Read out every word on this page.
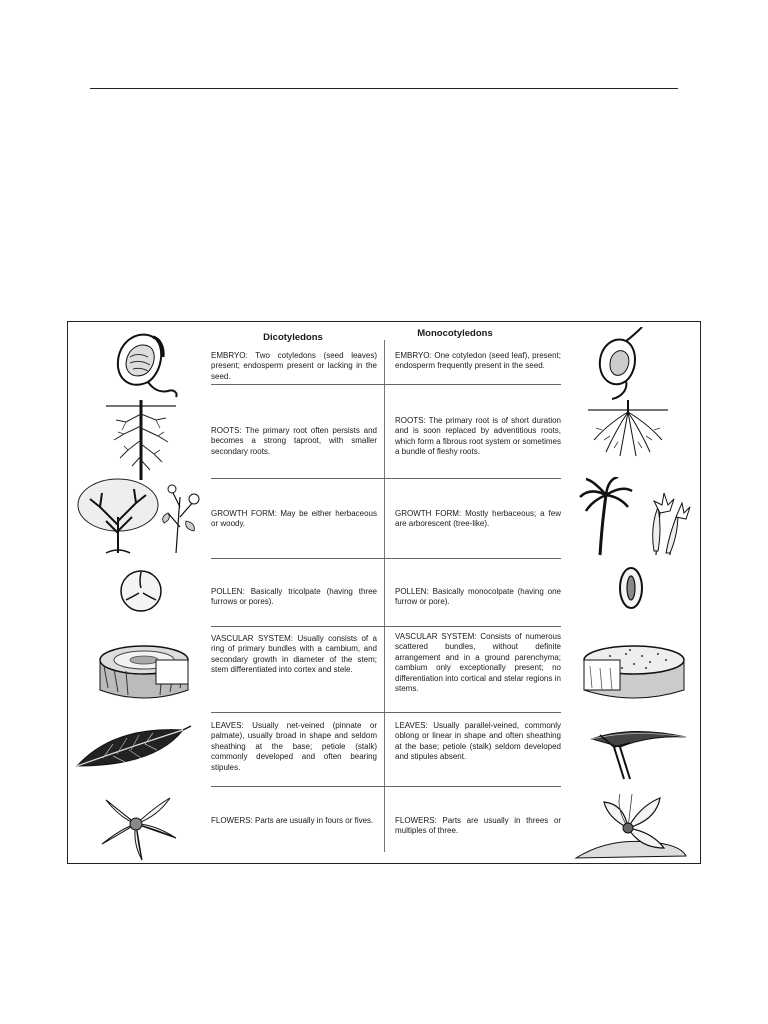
Dicotyledons	Monocotyledons
EMBRYO: Two cotyledons (seed leaves) present; endosperm present or lacking in the seed.
EMBRYO: One cotyledon (seed leaf), present; endosperm frequently present in the seed.
ROOTS: The primary root often persists and becomes a strong taproot, with smaller secondary roots.
ROOTS: The primary root is of short duration and is soon replaced by adventitious roots, which form a fibrous root system or sometimes a bundle of fleshy roots.
GROWTH FORM: May be either herbaceous or woody.
GROWTH FORM: Mostly herbaceous; a few are arborescent (tree-like).
POLLEN: Basically tricolpate (having three furrows or pores).
POLLEN: Basically monocolpate (having one furrow or pore).
VASCULAR SYSTEM: Usually consists of a ring of primary bundles with a cambium, and secondary growth in diameter of the stem; stem differentiated into cortex and stele.
VASCULAR SYSTEM: Consists of numerous scattered bundles, without definite arrangement and in a ground parenchyma; cambium only exceptionally present; no differentiation into cortical and stelar regions in stems.
LEAVES: Usually net-veined (pinnate or palmate), usually broad in shape and seldom sheathing at the base; petiole (stalk) commonly developed and often bearing stipules.
LEAVES: Usually parallel-veined, commonly oblong or linear in shape and often sheathing at the base; petiole (stalk) seldom developed and stipules absent.
FLOWERS: Parts are usually in fours or fives.	FLOWERS: Parts are usually in threes or multiples of three.
